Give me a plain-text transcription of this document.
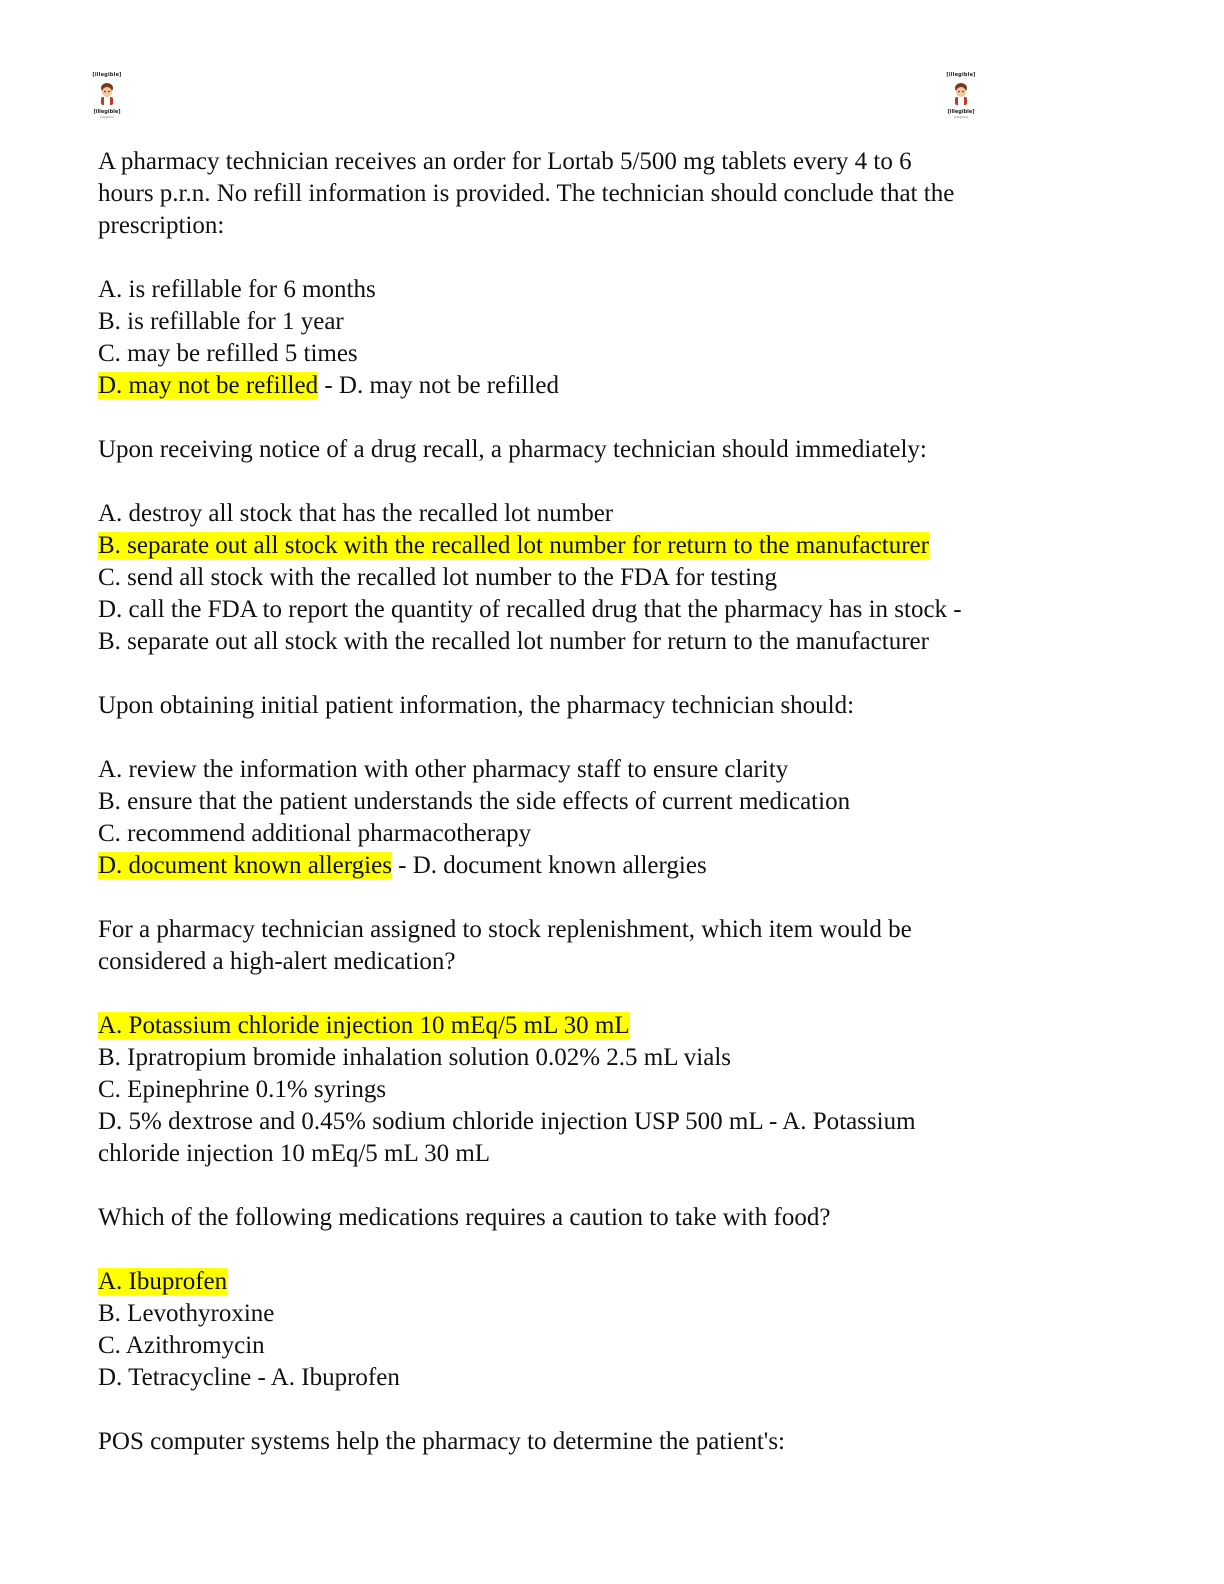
[illegible]
[illegible]
[illegible]
[illegible]
[illegible]
[illegible]
A pharmacy technician receives an order for Lortab 5/500 mg tablets every 4 to 6
hours p.r.n. No refill information is provided. The technician should conclude that the
prescription:
A. is refillable for 6 months
B. is refillable for 1 year
C. may be refilled 5 times
D. may not be refilled - D. may not be refilled
Upon receiving notice of a drug recall, a pharmacy technician should immediately:
A. destroy all stock that has the recalled lot number
B. separate out all stock with the recalled lot number for return to the manufacturer
C. send all stock with the recalled lot number to the FDA for testing
D. call the FDA to report the quantity of recalled drug that the pharmacy has in stock -
B. separate out all stock with the recalled lot number for return to the manufacturer
Upon obtaining initial patient information, the pharmacy technician should:
A. review the information with other pharmacy staff to ensure clarity
B. ensure that the patient understands the side effects of current medication
C. recommend additional pharmacotherapy
D. document known allergies - D. document known allergies
For a pharmacy technician assigned to stock replenishment, which item would be
considered a high-alert medication?
A. Potassium chloride injection 10 mEq/5 mL 30 mL
B. Ipratropium bromide inhalation solution 0.02% 2.5 mL vials
C. Epinephrine 0.1% syrings
D. 5% dextrose and 0.45% sodium chloride injection USP 500 mL - A. Potassium
chloride injection 10 mEq/5 mL 30 mL
Which of the following medications requires a caution to take with food?
A. Ibuprofen
B. Levothyroxine
C. Azithromycin
D. Tetracycline - A. Ibuprofen
POS computer systems help the pharmacy to determine the patient's:
